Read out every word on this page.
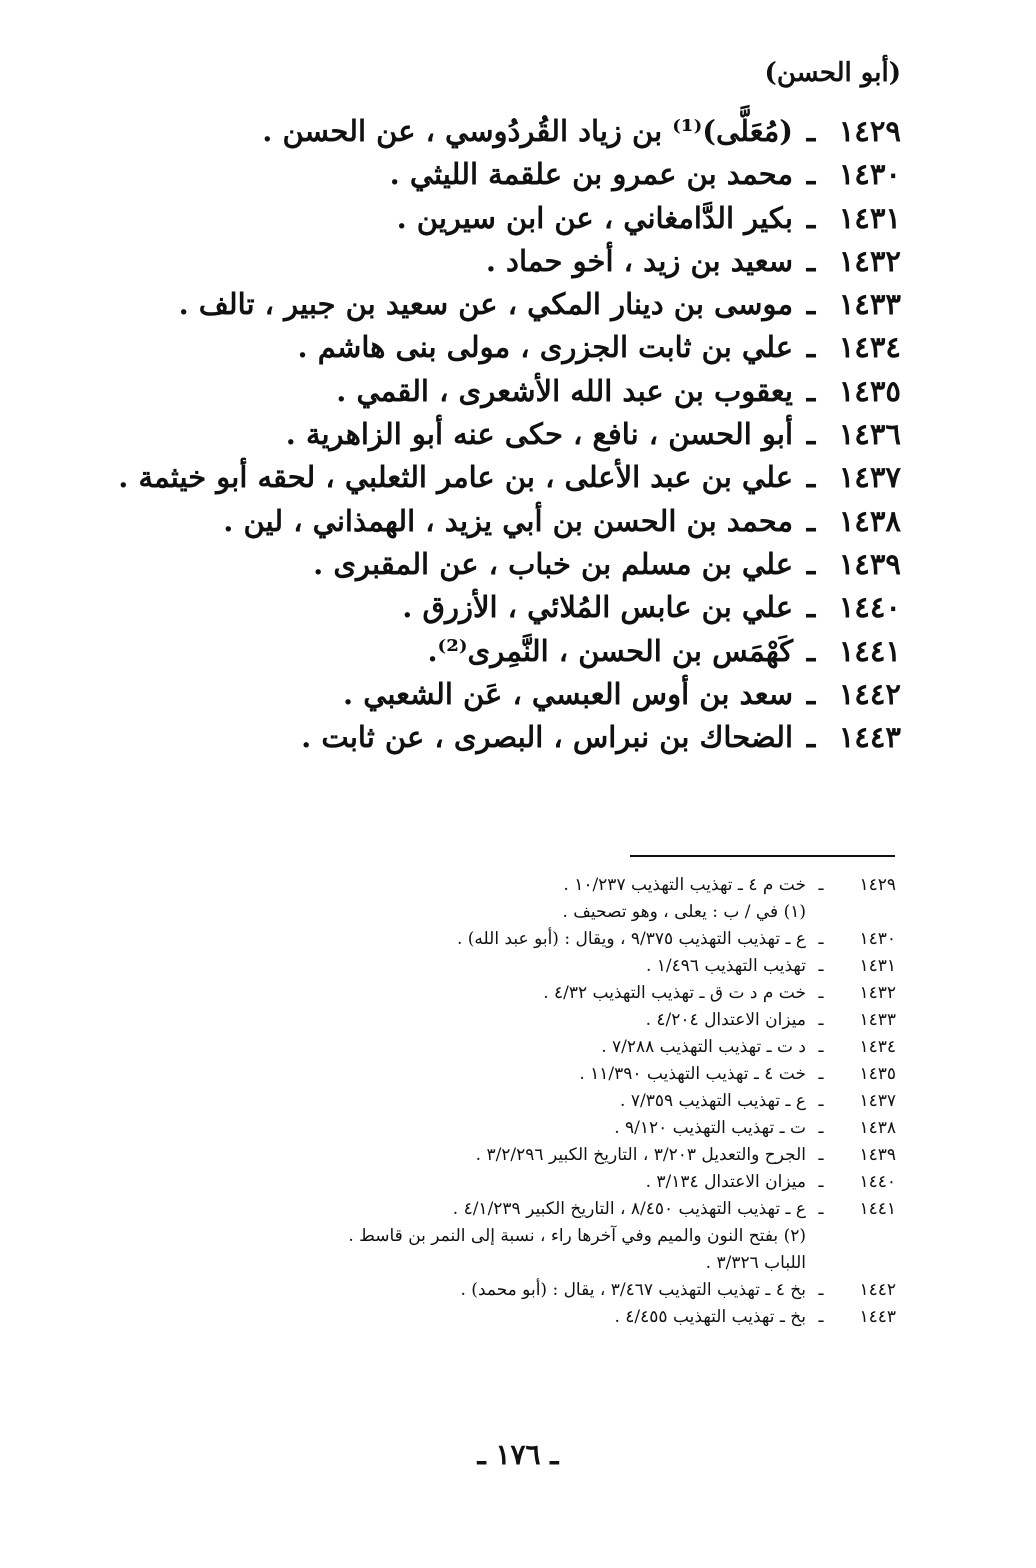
(أبو الحسن)
١٤٢٩
ـ
(مُعَلَّى)⁽¹⁾ بن زياد القُردُوسي ، عن الحسن .
١٤٣٠
ـ
محمد بن عمرو بن علقمة الليثي .
١٤٣١
ـ
بكير الدَّامغاني ، عن ابن سيرين .
١٤٣٢
ـ
سعيد بن زيد ، أخو حماد .
١٤٣٣
ـ
موسى بن دينار المكي ، عن سعيد بن جبير ، تالف .
١٤٣٤
ـ
علي بن ثابت الجزرى ، مولى بنى هاشم .
١٤٣٥
ـ
يعقوب بن عبد الله الأشعرى ، القمي .
١٤٣٦
ـ
أبو الحسن ، نافع ، حكى عنه أبو الزاهرية .
١٤٣٧
ـ
علي بن عبد الأعلى ، بن عامر الثعلبي ، لحقه أبو خيثمة .
١٤٣٨
ـ
محمد بن الحسن بن أبي يزيد ، الهمذاني ، لين .
١٤٣٩
ـ
علي بن مسلم بن خباب ، عن المقبرى .
١٤٤٠
ـ
علي بن عابس المُلائي ، الأزرق .
١٤٤١
ـ
كَهْمَس بن الحسن ، النَّمِرى⁽²⁾.
١٤٤٢
ـ
سعد بن أوس العبسي ، عَن الشعبي .
١٤٤٣
ـ
الضحاك بن نبراس ، البصرى ، عن ثابت .
١٤٢٩
ـ
خت م ٤ ـ تهذيب التهذيب ١٠/٢٣٧ .
(١) في / ب : يعلى ، وهو تصحيف .
١٤٣٠
ـ
ع ـ تهذيب التهذيب ٩/٣٧٥ ، ويقال : (أبو عبد الله) .
١٤٣١
ـ
تهذيب التهذيب ١/٤٩٦ .
١٤٣٢
ـ
خت م د ت ق ـ تهذيب التهذيب ٤/٣٢ .
١٤٣٣
ـ
ميزان الاعتدال ٤/٢٠٤ .
١٤٣٤
ـ
د ت ـ تهذيب التهذيب ٧/٢٨٨ .
١٤٣٥
ـ
خت ٤ ـ تهذيب التهذيب ١١/٣٩٠ .
١٤٣٧
ـ
ع ـ تهذيب التهذيب ٧/٣٥٩ .
١٤٣٨
ـ
ت ـ تهذيب التهذيب ٩/١٢٠ .
١٤٣٩
ـ
الجرح والتعديل ٣/٢٠٣ ، التاريخ الكبير ٣/٢/٢٩٦ .
١٤٤٠
ـ
ميزان الاعتدال ٣/١٣٤ .
١٤٤١
ـ
ع ـ تهذيب التهذيب ٨/٤٥٠ ، التاريخ الكبير ٤/١/٢٣٩ .
(٢) بفتح النون والميم وفي آخرها راء ، نسبة إلى النمر بن قاسط .
اللباب ٣/٣٢٦ .
١٤٤٢
ـ
بخ ٤ ـ تهذيب التهذيب ٣/٤٦٧ ، يقال : (أبو محمد) .
١٤٤٣
ـ
بخ ـ تهذيب التهذيب ٤/٤٥٥ .
ـ ١٧٦ ـ
